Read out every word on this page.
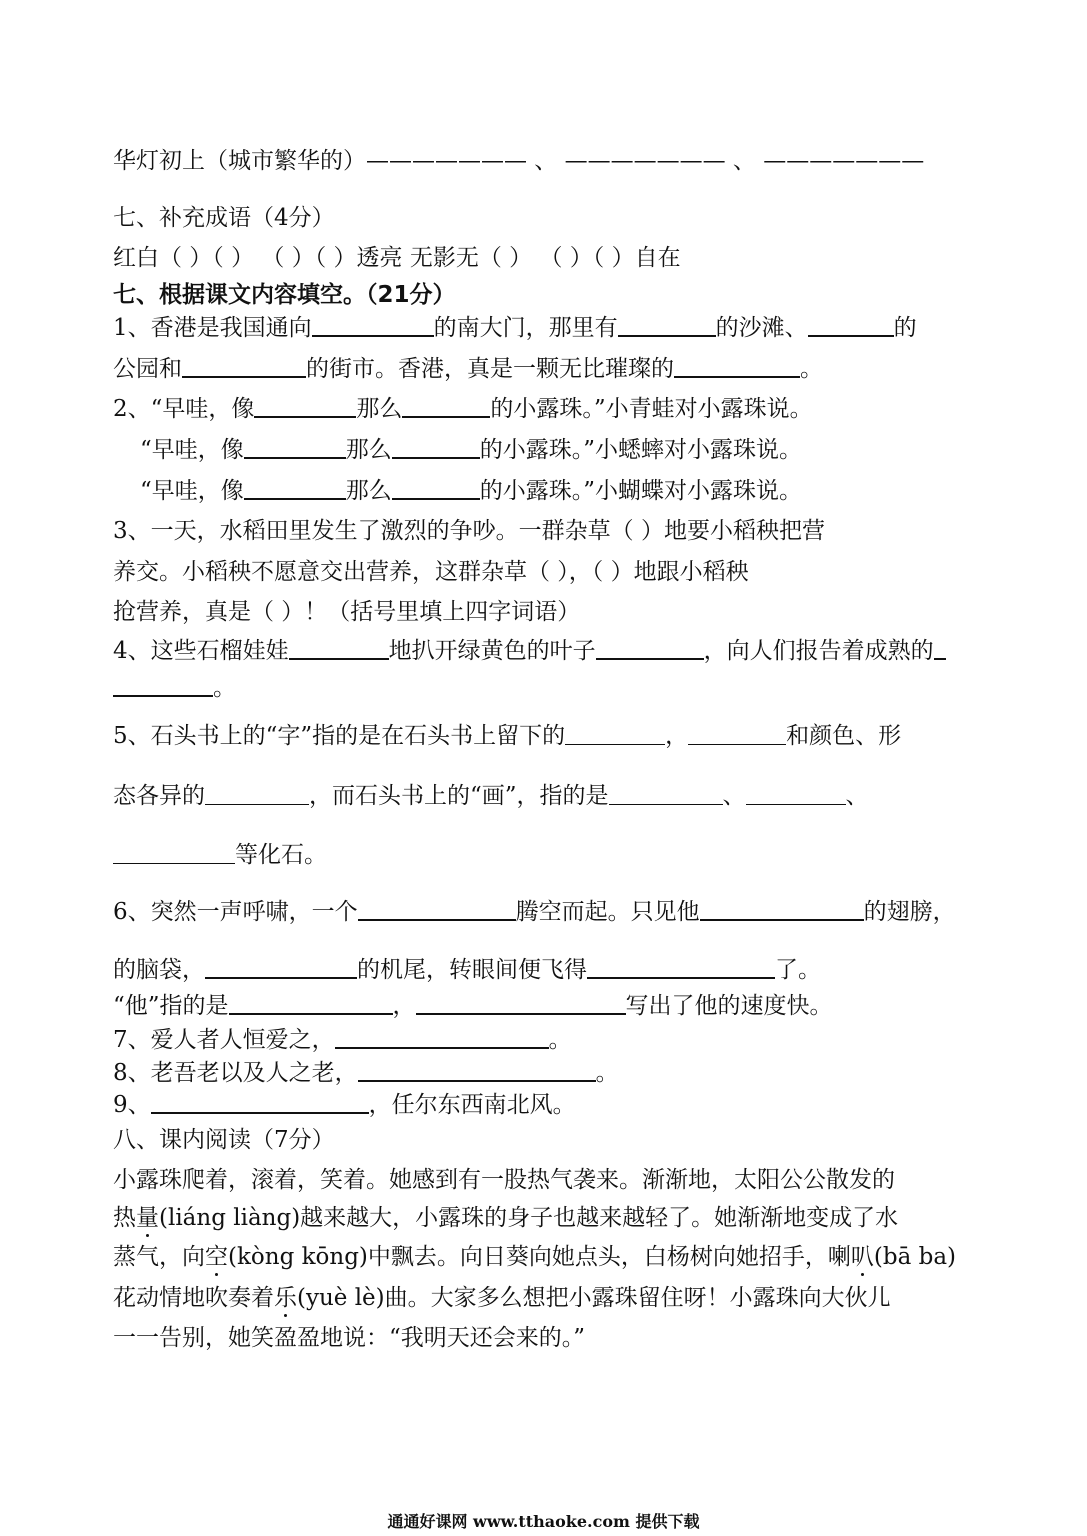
华灯初上（城市繁华的）——————— 、 ——————— 、 ———————
七、补充成语（4分）
红白（ ）（ ） （ ）（ ）透亮 无影无（ ） （ ）（ ）自在
七、根据课文内容填空。（21分）
1、香港是我国通向	的南大门，那里有	的沙滩、	的
公园和	的街市。香港，真是一颗无比璀璨的	。
2、“早哇，像	那么	的小露珠。”小青蛙对小露珠说。
“早哇，像	那么	的小露珠。”小蟋蟀对小露珠说。
“早哇，像	那么	的小露珠。”小蝴蝶对小露珠说。
3、一天，水稻田里发生了激烈的争吵。一群杂草（ ）地要小稻秧把营
养交。小稻秧不愿意交出营养，这群杂草（ ），（ ）地跟小稻秧
抢营养，真是（ ）！（括号里填上四字词语）
4、这些石榴娃娃	地扒开绿黄色的叶子	，向人们报告着成熟的
。
5、石头书上的“字”指的是在石头书上留下的	，	和颜色、形
态各异的	，而石头书上的“画”，指的是	、	、
等化石。
6、突然一声呼啸，一个	腾空而起。只见他	的翅膀，
的脑袋，	的机尾，转眼间便飞得	了。
“他”指的是	，	写出了他的速度快。
7、爱人者人恒爱之，	。
8、老吾老以及人之老，	。
9、	，任尔东西南北风。
八、课内阅读（7分）
小露珠爬着，滚着，笑着。她感到有一股热气袭来。渐渐地，太阳公公散发的
热量(liáng liàng)越来越大，小露珠的身子也越来越轻了。她渐渐地变成了水
蒸气，向空(kòng kōng)中飘去。向日葵向她点头，白杨树向她招手，喇叭(bā ba)
花动情地吹奏着乐(yuè lè)曲。大家多么想把小露珠留住呀！小露珠向大伙儿
一一告别，她笑盈盈地说：“我明天还会来的。”
通通好课网 www.tthaoke.com 提供下载
